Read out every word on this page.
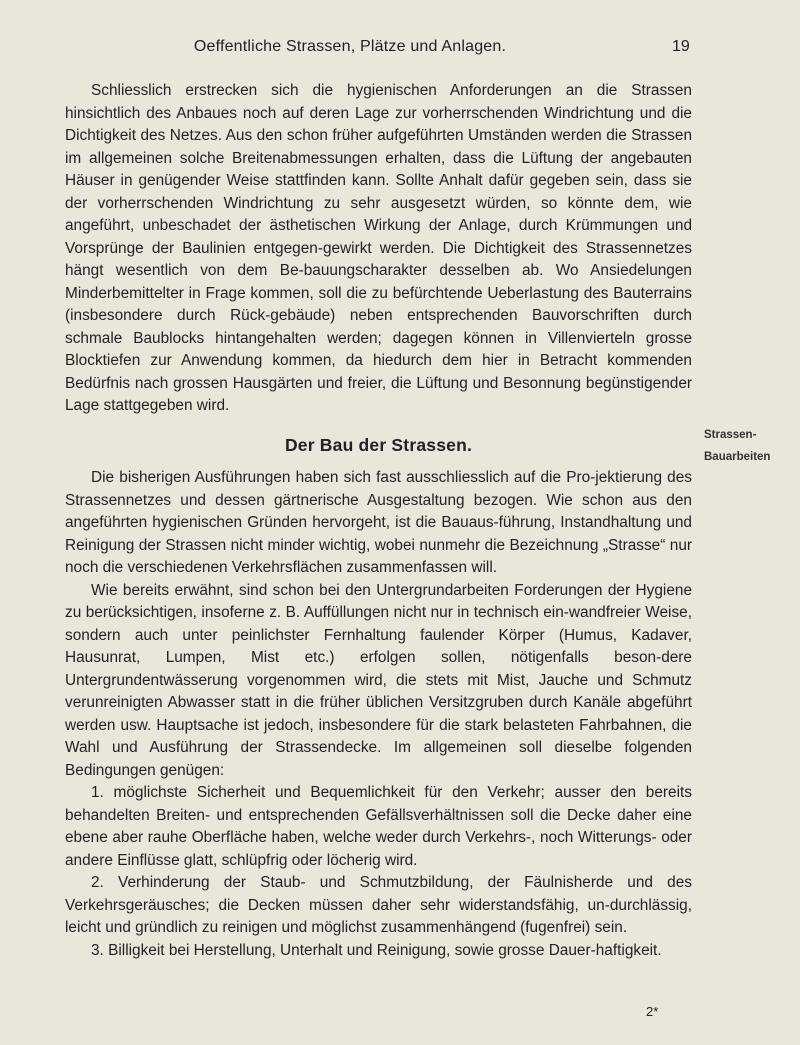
Oeffentliche Strassen, Plätze und Anlagen.	19

Schliesslich erstrecken sich die hygienischen Anforderungen an die Strassen hinsichtlich des Anbaues noch auf deren Lage zur vorherrschenden Windrichtung und die Dichtigkeit des Netzes. Aus den schon früher aufgeführten Umständen werden die Strassen im allgemeinen solche Breitenabmessungen erhalten, dass die Lüftung der angebauten Häuser in genügender Weise stattfinden kann. Sollte Anhalt dafür gegeben sein, dass sie der vorherrschenden Windrichtung zu sehr ausgesetzt würden, so könnte dem, wie angeführt, unbeschadet der ästhetischen Wirkung der Anlage, durch Krümmungen und Vorsprünge der Baulinien entgegen-gewirkt werden. Die Dichtigkeit des Strassennetzes hängt wesentlich von dem Be-bauungscharakter desselben ab. Wo Ansiedelungen Minderbemittelter in Frage kommen, soll die zu befürchtende Ueberlastung des Bauterrains (insbesondere durch Rück-gebäude) neben entsprechenden Bauvorschriften durch schmale Baublocks hintangehalten werden; dagegen können in Villenvierteln grosse Blocktiefen zur Anwendung kommen, da hiedurch dem hier in Betracht kommenden Bedürfnis nach grossen Hausgärten und freier, die Lüftung und Besonnung begünstigender Lage stattgegeben wird.

Der Bau der Strassen.

Die bisherigen Ausführungen haben sich fast ausschliesslich auf die Pro-jektierung des Strassennetzes und dessen gärtnerische Ausgestaltung bezogen. Wie schon aus den angeführten hygienischen Gründen hervorgeht, ist die Bauaus-führung, Instandhaltung und Reinigung der Strassen nicht minder wichtig, wobei nunmehr die Bezeichnung „Strasse“ nur noch die verschiedenen Verkehrsflächen zusammenfassen will.

Wie bereits erwähnt, sind schon bei den Untergrundarbeiten Forderungen der Hygiene zu berücksichtigen, insoferne z. B. Auffüllungen nicht nur in technisch ein-wandfreier Weise, sondern auch unter peinlichster Fernhaltung faulender Körper (Humus, Kadaver, Hausunrat, Lumpen, Mist etc.) erfolgen sollen, nötigenfalls beson-dere Untergrundentwässerung vorgenommen wird, die stets mit Mist, Jauche und Schmutz verunreinigten Abwasser statt in die früher üblichen Versitzgruben durch Kanäle abgeführt werden usw. Hauptsache ist jedoch, insbesondere für die stark belasteten Fahrbahnen, die Wahl und Ausführung der Strassendecke. Im allgemeinen soll dieselbe folgenden Bedingungen genügen:

1. möglichste Sicherheit und Bequemlichkeit für den Verkehr; ausser den bereits behandelten Breiten- und entsprechenden Gefällsverhältnissen soll die Decke daher eine ebene aber rauhe Oberfläche haben, welche weder durch Verkehrs-, noch Witterungs- oder andere Einflüsse glatt, schlüpfrig oder löcherig wird.

2. Verhinderung der Staub- und Schmutzbildung, der Fäulnisherde und des Verkehrsgeräusches; die Decken müssen daher sehr widerstandsfähig, un-durchlässig, leicht und gründlich zu reinigen und möglichst zusammenhängend (fugenfrei) sein.

3. Billigkeit bei Herstellung, Unterhalt und Reinigung, sowie grosse Dauer-haftigkeit.

Strassen-
Bauarbeiten
2*
